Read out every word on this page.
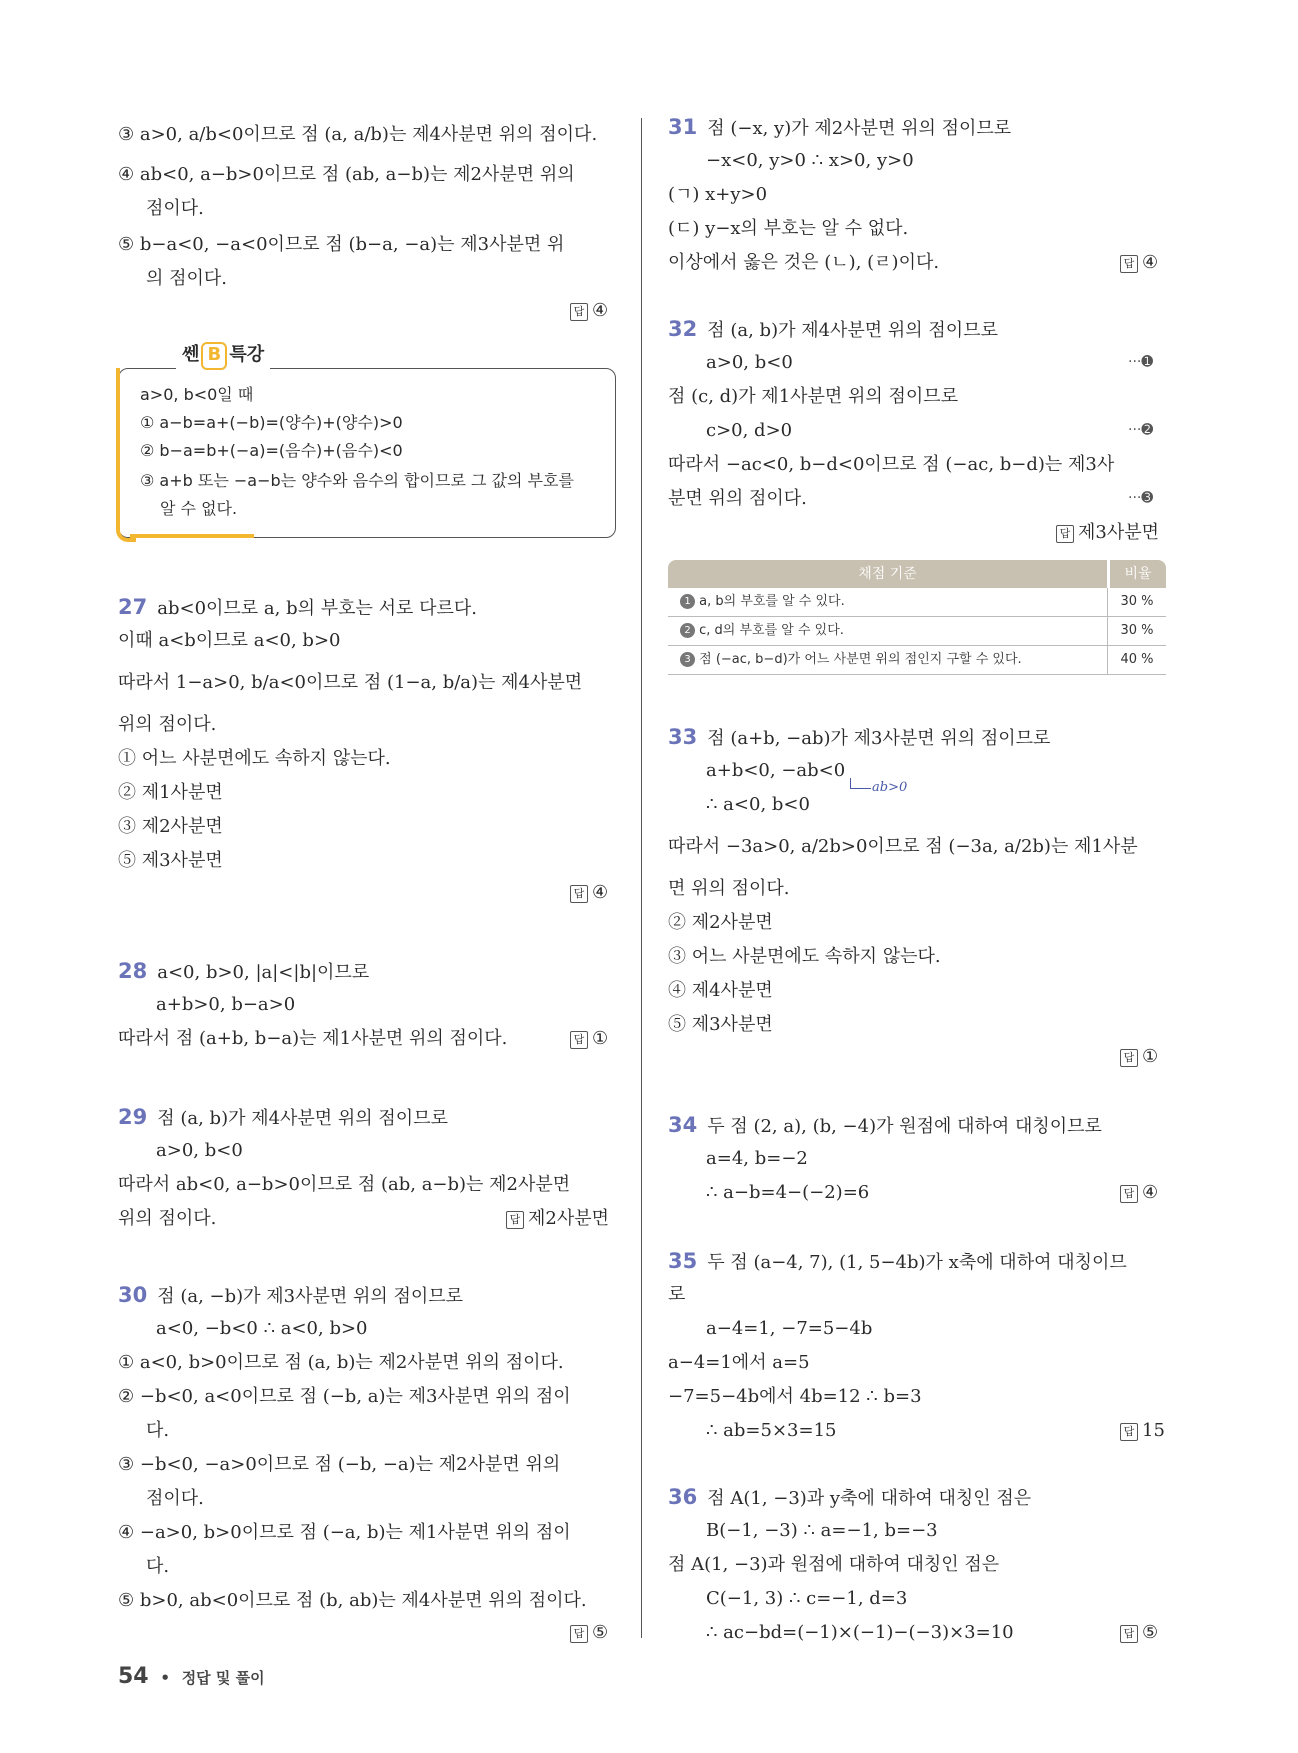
③ a>0, a/b<0이므로 점 (a, a/b)는 제4사분면 위의 점이다.
④ ab<0, a−b>0이므로 점 (ab, a−b)는 제2사분면 위의
점이다.
⑤ b−a<0, −a<0이므로 점 (b−a, −a)는 제3사분면 위
의 점이다.
답 ④
쎈 B 특강
a>0, b<0일 때
① a−b=a+(−b)=(양수)+(양수)>0
② b−a=b+(−a)=(음수)+(음수)<0
③ a+b 또는 −a−b는 양수와 음수의 합이므로 그 값의 부호를
알 수 없다.
27 ab<0이므로 a, b의 부호는 서로 다르다.
이때 a<b이므로 a<0, b>0
따라서 1−a>0, b/a<0이므로 점 (1−a, b/a)는 제4사분면
위의 점이다.
① 어느 사분면에도 속하지 않는다.
② 제1사분면
③ 제2사분면
⑤ 제3사분면
답 ④
28 a<0, b>0, |a|<|b|이므로
a+b>0, b−a>0
따라서 점 (a+b, b−a)는 제1사분면 위의 점이다.	답 ①
29 점 (a, b)가 제4사분면 위의 점이므로
a>0, b<0
따라서 ab<0, a−b>0이므로 점 (ab, a−b)는 제2사분면
위의 점이다.	답 제2사분면
30 점 (a, −b)가 제3사분면 위의 점이므로
a<0, −b<0 ∴ a<0, b>0
① a<0, b>0이므로 점 (a, b)는 제2사분면 위의 점이다.
② −b<0, a<0이므로 점 (−b, a)는 제3사분면 위의 점이
다.
③ −b<0, −a>0이므로 점 (−b, −a)는 제2사분면 위의
점이다.
④ −a>0, b>0이므로 점 (−a, b)는 제1사분면 위의 점이
다.
⑤ b>0, ab<0이므로 점 (b, ab)는 제4사분면 위의 점이다.
답 ⑤
31 점 (−x, y)가 제2사분면 위의 점이므로
−x<0, y>0 ∴ x>0, y>0
(ㄱ) x+y>0
(ㄷ) y−x의 부호는 알 수 없다.
이상에서 옳은 것은 (ㄴ), (ㄹ)이다.	답 ④
32 점 (a, b)가 제4사분면 위의 점이므로
a>0, b<0	···➊
점 (c, d)가 제1사분면 위의 점이므로
c>0, d>0	···➋
따라서 −ac<0, b−d<0이므로 점 (−ac, b−d)는 제3사
분면 위의 점이다.	···➌
답 제3사분면
채점 기준	비율
1 a, b의 부호를 알 수 있다.	30 %
2 c, d의 부호를 알 수 있다.	30 %
3 점 (−ac, b−d)가 어느 사분면 위의 점인지 구할 수 있다.	40 %
33 점 (a+b, −ab)가 제3사분면 위의 점이므로
a+b<0, −ab<0
ab>0
∴ a<0, b<0
따라서 −3a>0, a/2b>0이므로 점 (−3a, a/2b)는 제1사분
면 위의 점이다.
② 제2사분면
③ 어느 사분면에도 속하지 않는다.
④ 제4사분면
⑤ 제3사분면
답 ①
34 두 점 (2, a), (b, −4)가 원점에 대하여 대칭이므로
a=4, b=−2
∴ a−b=4−(−2)=6	답 ④
35 두 점 (a−4, 7), (1, 5−4b)가 x축에 대하여 대칭이므
로
a−4=1, −7=5−4b
a−4=1에서 a=5
−7=5−4b에서 4b=12 ∴ b=3
∴ ab=5×3=15	답 15
36 점 A(1, −3)과 y축에 대하여 대칭인 점은
B(−1, −3) ∴ a=−1, b=−3
점 A(1, −3)과 원점에 대하여 대칭인 점은
C(−1, 3) ∴ c=−1, d=3
∴ ac−bd=(−1)×(−1)−(−3)×3=10	답 ⑤
54 • 정답 및 풀이
